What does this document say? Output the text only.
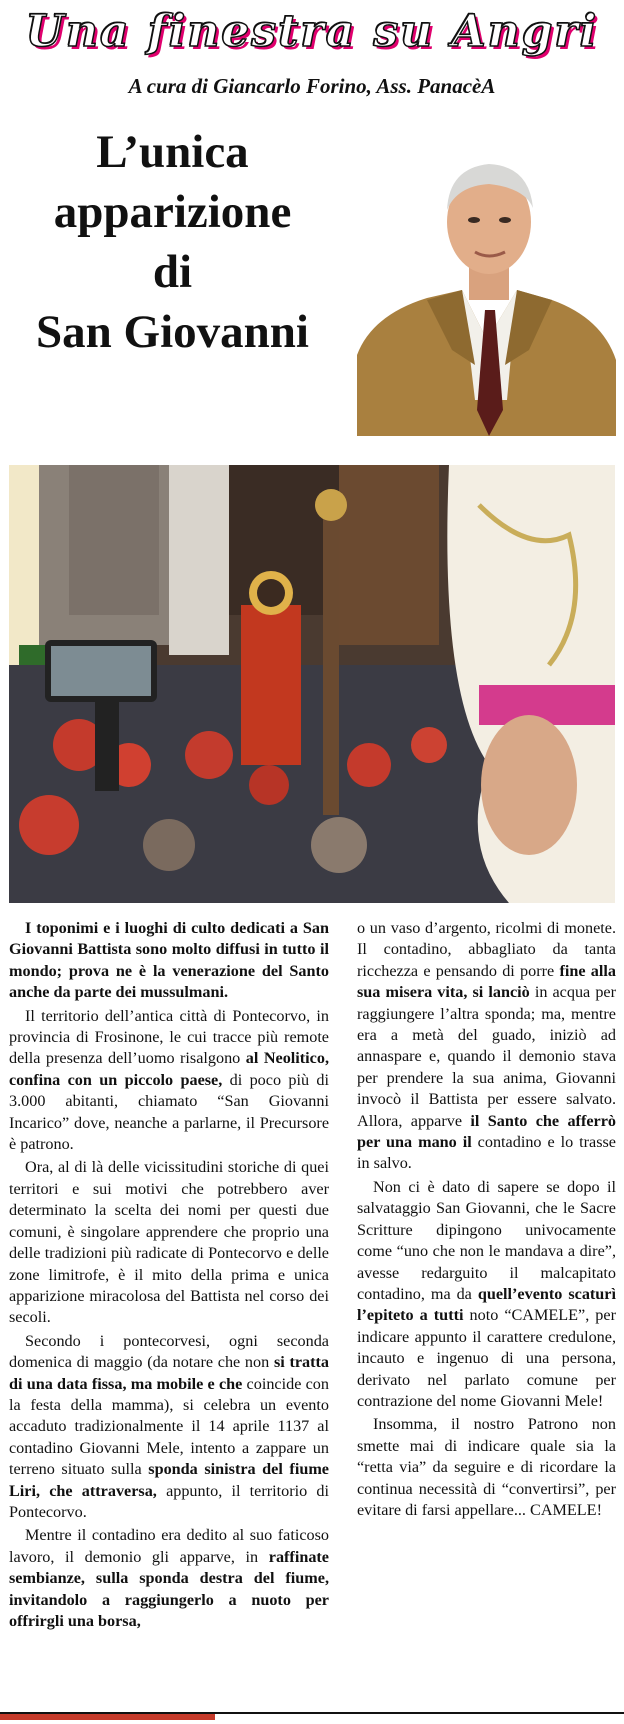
Una finestra su Angri
A cura di Giancarlo Forino, Ass. PanacèA
L’unica
apparizione
di
San Giovanni

I toponimi e i luoghi di culto dedicati a San Giovanni Battista sono molto diffusi in tutto il mondo; prova ne è la venerazione del Santo anche da parte dei mussulmani.

Il territorio dell’antica città di Pontecorvo, in provincia di Frosinone, le cui tracce più remote della presenza dell’uomo risalgono al Neolitico, confina con un piccolo paese, di poco più di 3.000 abitanti, chiamato “San Giovanni Incarico” dove, neanche a parlarne, il Precursore è patrono.

Ora, al di là delle vicissitudini storiche di quei territori e sui motivi che potrebbero aver determinato la scelta dei nomi per questi due comuni, è singolare apprendere che proprio una delle tradizioni più radicate di Pontecorvo e delle zone limitrofe, è il mito della prima e unica apparizione miracolosa del Battista nel corso dei secoli.

Secondo i pontecorvesi, ogni seconda domenica di maggio (da notare che non si tratta di una data fissa, ma mobile e che coincide con la festa della mamma), si celebra un evento accaduto tradizionalmente il 14 aprile 1137 al contadino Giovanni Mele, intento a zappare un terreno situato sulla sponda sinistra del fiume Liri, che attraversa, appunto, il territorio di Pontecorvo.

Mentre il contadino era dedito al suo faticoso lavoro, il demonio gli apparve, in raffinate sembianze, sulla sponda destra del fiume, invitandolo a raggiungerlo a nuoto per offrirgli una borsa,

o un vaso d’argento, ricolmi di monete. Il contadino, abbagliato da tanta ricchezza e pensando di porre fine alla sua misera vita, si lanciò in acqua per raggiungere l’altra sponda; ma, mentre era a metà del guado, iniziò ad annaspare e, quando il demonio stava per prendere la sua anima, Giovanni invocò il Battista per essere salvato. Allora, apparve il Santo che afferrò per una mano il contadino e lo trasse in salvo.

Non ci è dato di sapere se dopo il salvataggio San Giovanni, che le Sacre Scritture dipingono univocamente come “uno che non le mandava a dire”, avesse redarguito il malcapitato contadino, ma da quell’evento scaturì l’epiteto a tutti noto “CAMELE”, per indicare appunto il carattere credulone, incauto e ingenuo di una persona, derivato nel parlato comune per contrazione del nome Giovanni Mele!

Insomma, il nostro Patrono non smette mai di indicare quale sia la “retta via” da seguire e di ricordare la continua necessità di “convertirsi”, per evitare di farsi appellare... CAMELE!
